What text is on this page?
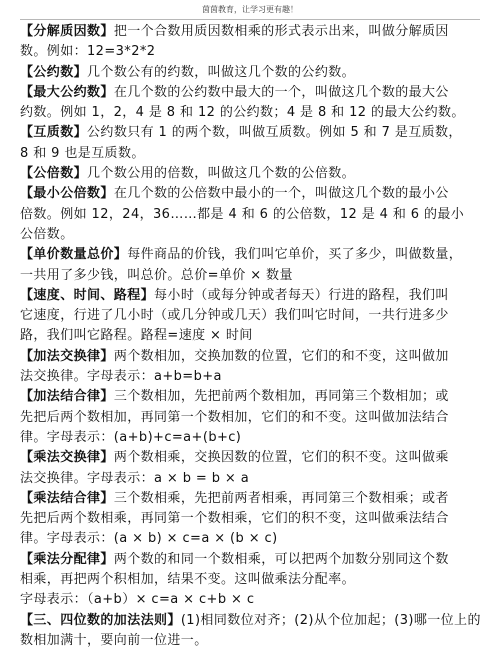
茵茵教育，让学习更有趣！
【分解质因数】把一个合数用质因数相乘的形式表示出来，叫做分解质因
数。例如：12=3*2*2
【公约数】几个数公有的约数，叫做这几个数的公约数。
【最大公约数】在几个数的公约数中最大的一个，叫做这几个数的最大公
约数。例如 1，2，4 是 8 和 12 的公约数；4 是 8 和 12 的最大公约数。
【互质数】公约数只有 1 的两个数，叫做互质数。例如 5 和 7 是互质数，
8 和 9 也是互质数。
【公倍数】几个数公用的倍数，叫做这几个数的公倍数。
【最小公倍数】在几个数的公倍数中最小的一个，叫做这几个数的最小公
倍数。例如 12，24，36……都是 4 和 6 的公倍数，12 是 4 和 6 的最小
公倍数。
【单价数量总价】每件商品的价钱，我们叫它单价，买了多少，叫做数量，
一共用了多少钱，叫总价。总价=单价 × 数量
【速度、时间、路程】每小时（或每分钟或者每天）行进的路程，我们叫
它速度，行进了几小时（或几分钟或几天）我们叫它时间，一共行进多少
路，我们叫它路程。路程=速度 × 时间
【加法交换律】两个数相加，交换加数的位置，它们的和不变，这叫做加
法交换律。字母表示：a+b=b+a
【加法结合律】三个数相加，先把前两个数相加，再同第三个数相加；或
先把后两个数相加，再同第一个数相加，它们的和不变。这叫做加法结合
律。字母表示：(a+b)+c=a+(b+c)
【乘法交换律】两个数相乘，交换因数的位置，它们的积不变。这叫做乘
法交换律。字母表示：a × b = b × a
【乘法结合律】三个数相乘，先把前两者相乘，再同第三个数相乘；或者
先把后两个数相乘，再同第一个数相乘，它们的积不变，这叫做乘法结合
律。字母表示：(a × b) × c=a × (b × c)
【乘法分配律】两个数的和同一个数相乘，可以把两个加数分别同这个数
相乘，再把两个积相加，结果不变。这叫做乘法分配率。
字母表示：（a+b）× c=a × c+b × c
【三、四位数的加法法则】(1)相同数位对齐；(2)从个位加起；(3)哪一位上的
数相加满十，要向前一位进一。
